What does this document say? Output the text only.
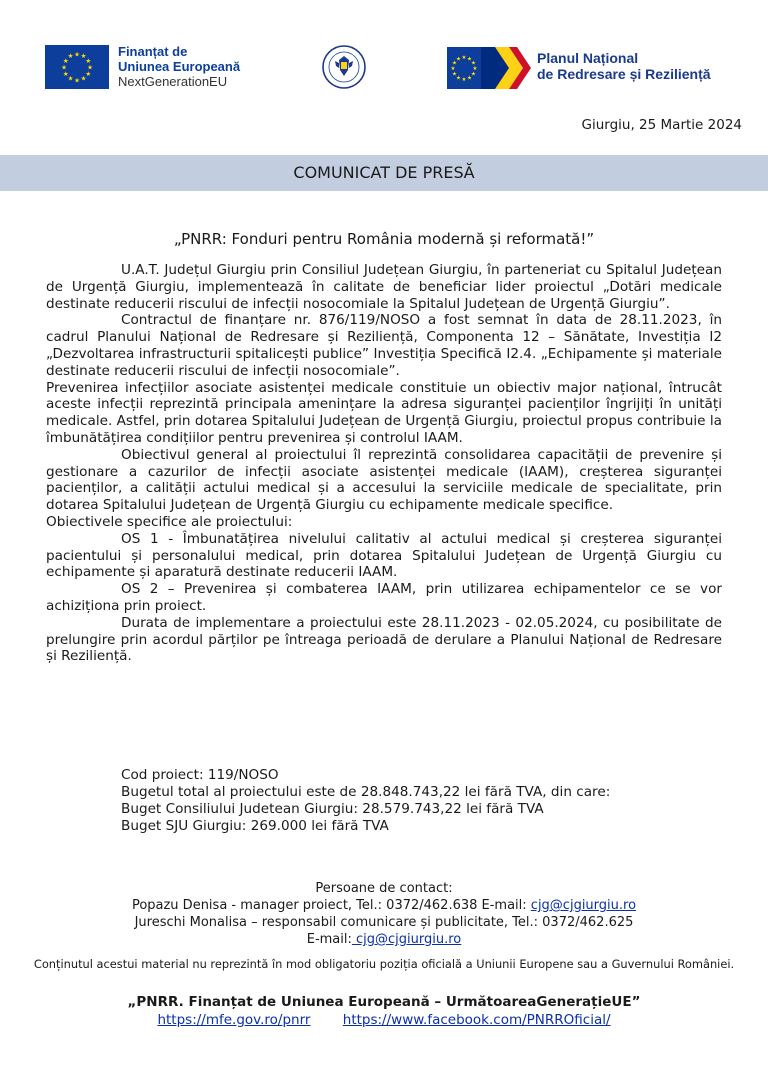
★
★
★
★
★
★
★
★
★ ★ ★
★
Finanțat de
Uniunea Europeană
NextGenerationEU
★
★
★
★
★
★
★
★
★ ★ ★
★	Planul Național
de Redresare și Reziliență
Giurgiu, 25 Martie 2024
COMUNICAT DE PRESĂ
„PNRR: Fonduri pentru România modernă și reformată!”

U.A.T. Județul Giurgiu prin Consiliul Județean Giurgiu, în parteneriat cu Spitalul Județean de Urgență Giurgiu, implementează în calitate de beneficiar lider proiectul „Dotări medicale destinate reducerii riscului de infecții nosocomiale la Spitalul Județean de Urgență Giurgiu”.

Contractul de finanțare nr. 876/119/NOSO a fost semnat în data de 28.11.2023, în cadrul Planului Național de Redresare și Reziliență, Componenta 12 – Sănătate, Investiția I2 „Dezvoltarea infrastructurii spitalicești publice” Investiția Specifică I2.4. „Echipamente și materiale destinate reducerii riscului de infecții nosocomiale”.

Prevenirea infecțiilor asociate asistenței medicale constituie un obiectiv major național, întrucât aceste infecții reprezintă principala amenințare la adresa siguranței pacienților îngrijiți în unități medicale. Astfel, prin dotarea Spitalului Județean de Urgență Giurgiu, proiectul propus contribuie la îmbunătățirea condițiilor pentru prevenirea și controlul IAAM.

Obiectivul general al proiectului îl reprezintă consolidarea capacității de prevenire și gestionare a cazurilor de infecții asociate asistenței medicale (IAAM), creșterea siguranței pacienților, a calității actului medical și a accesului la serviciile medicale de specialitate, prin dotarea Spitalului Județean de Urgență Giurgiu cu echipamente medicale specifice.

Obiectivele specifice ale proiectului:

OS 1 - Îmbunatățirea nivelului calitativ al actului medical și creșterea siguranței pacientului și personalului medical, prin dotarea Spitalului Județean de Urgență Giurgiu cu echipamente și aparatură destinate reducerii IAAM.

OS 2 – Prevenirea și combaterea IAAM, prin utilizarea echipamentelor ce se vor achiziționa prin proiect.

Durata de implementare a proiectului este 28.11.2023 - 02.05.2024, cu posibilitate de prelungire prin acordul părților pe întreaga perioadă de derulare a Planului Național de Redresare și Reziliență.

Cod proiect: 119/NOSO
Bugetul total al proiectului este de 28.848.743,22 lei fără TVA, din care:
Buget Consiliului Judetean Giurgiu: 28.579.743,22 lei fără TVA
Buget SJU Giurgiu: 269.000 lei fără TVA
Persoane de contact:
Popazu Denisa - manager proiect, Tel.: 0372/462.638 E-mail: cjg@cjgiurgiu.ro
Jureschi Monalisa – responsabil comunicare și publicitate, Tel.: 0372/462.625
E-mail: cjg@cjgiurgiu.ro
Conținutul acestui material nu reprezintă în mod obligatoriu poziția oficială a Uniunii Europene sau a Guvernului României.
„PNRR. Finanțat de Uniunea Europeană – UrmătoareaGenerațieUE”
https://mfe.gov.ro/pnrr https://www.facebook.com/PNRROficial/
